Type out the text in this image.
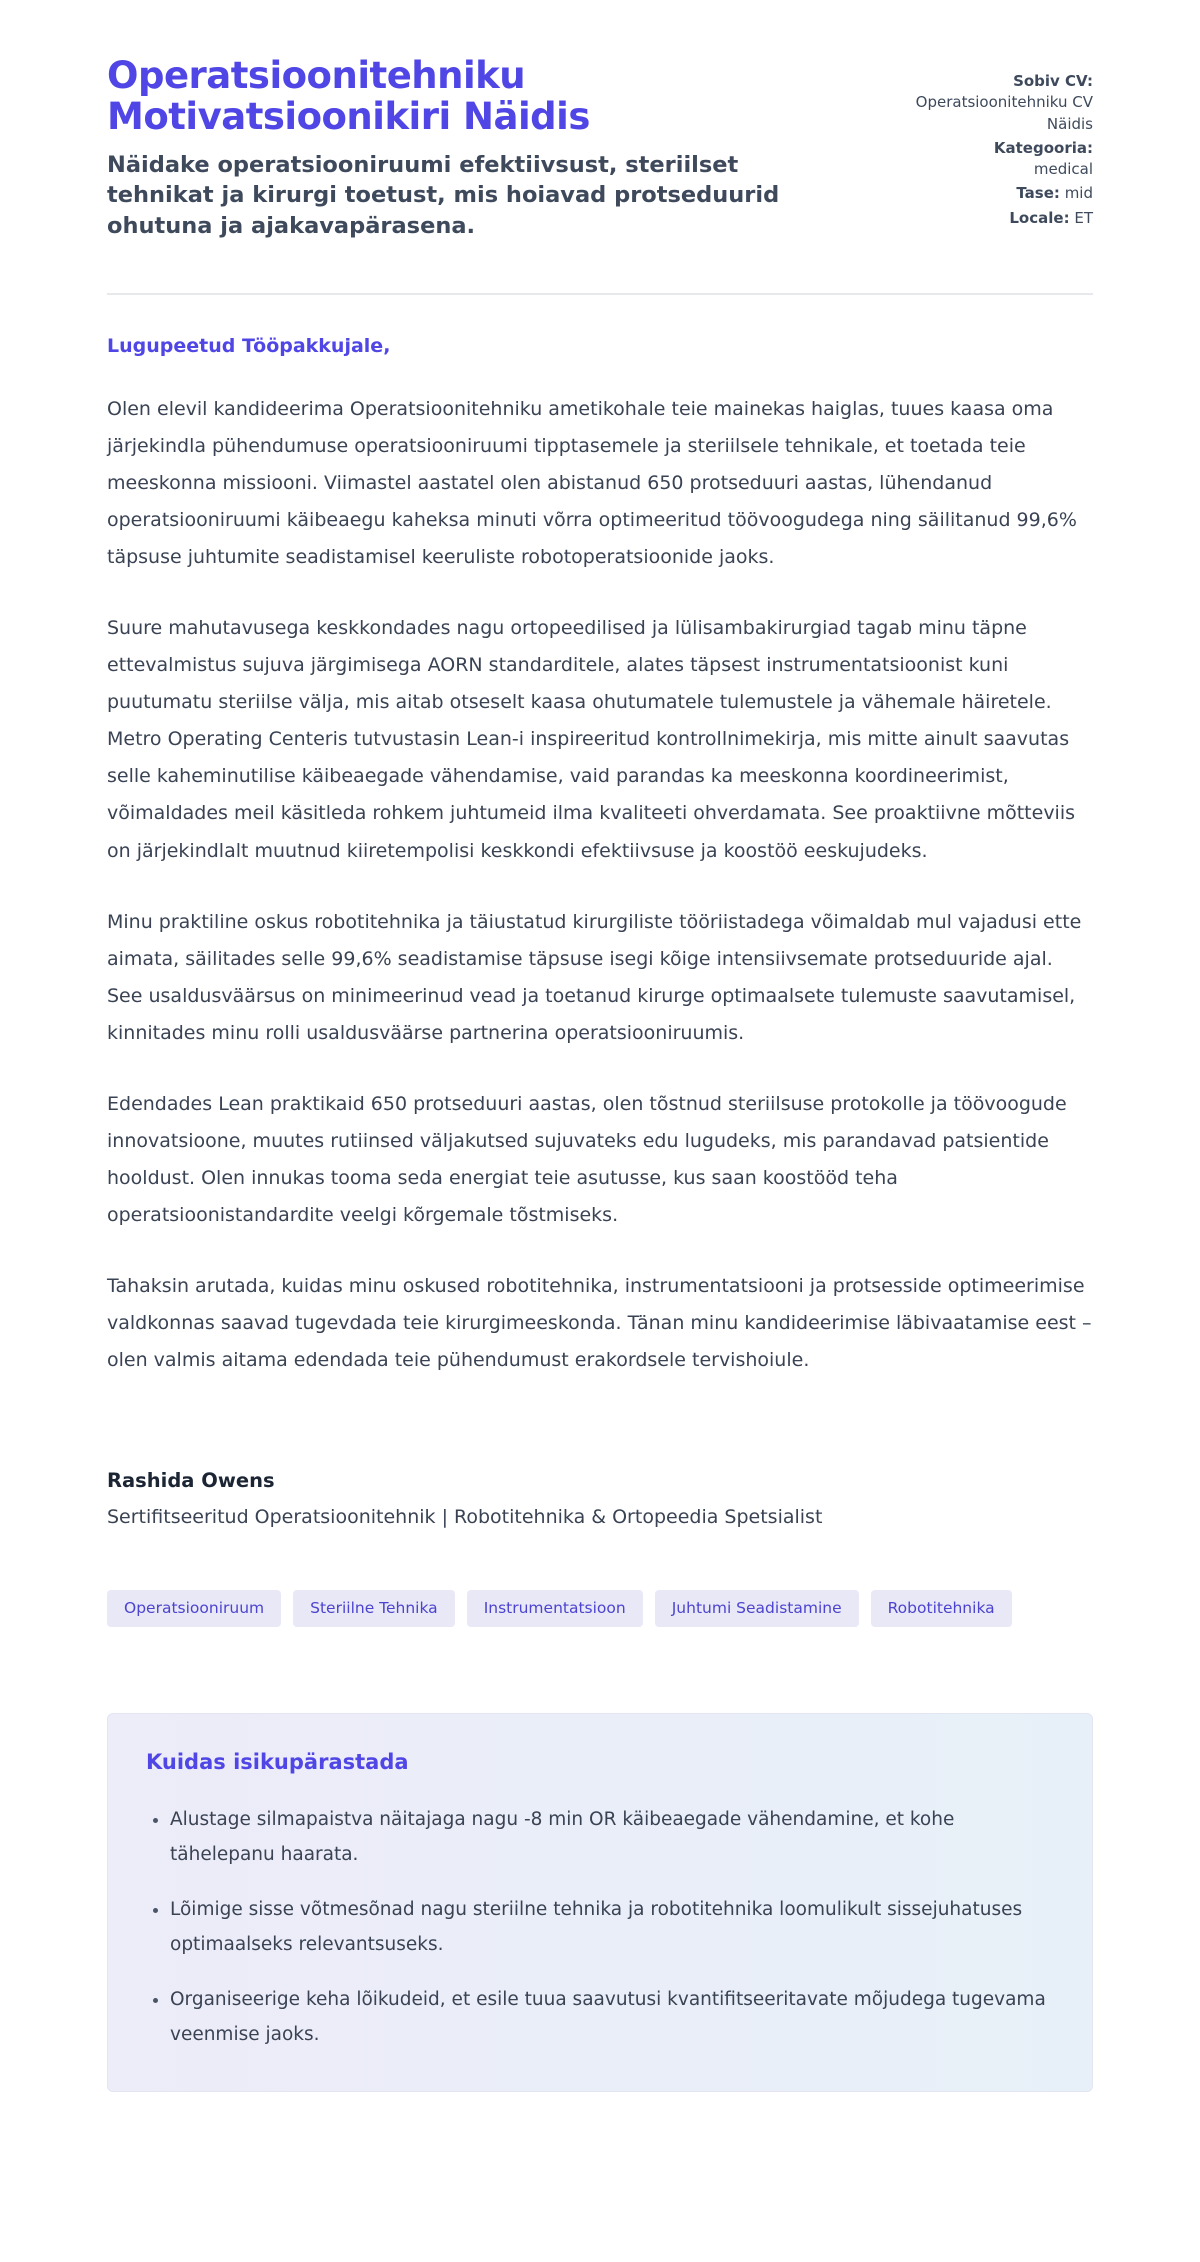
Operatsioonitehniku Motivatsioonikiri Näidis

Näidake operatsiooniruumi efektiivsust, steriilset tehnikat ja kirurgi toetust, mis hoiavad protseduurid ohutuna ja ajakavapärasena.

Sobiv CV:
Operatsioonitehniku CV Näidis
Kategooria:
medical
Tase: mid
Locale: ET

Lugupeetud Tööpakkujale,

Olen elevil kandideerima Operatsioonitehniku ametikohale teie mainekas haiglas, tuues kaasa oma järjekindla pühendumuse operatsiooniruumi tipptasemele ja steriilsele tehnikale, et toetada teie meeskonna missiooni. Viimastel aastatel olen abistanud 650 protseduuri aastas, lühendanud operatsiooniruumi käibeaegu kaheksa minuti võrra optimeeritud töövoogudega ning säilitanud 99,6% täpsuse juhtumite seadistamisel keeruliste robotoperatsioonide jaoks.

Suure mahutavusega keskkondades nagu ortopeedilised ja lülisambakirurgiad tagab minu täpne ettevalmistus sujuva järgimisega AORN standarditele, alates täpsest instrumentatsioonist kuni puutumatu steriilse välja, mis aitab otseselt kaasa ohutumatele tulemustele ja vähemale häiretele. Metro Operating Centeris tutvustasin Lean-i inspireeritud kontrollnimekirja, mis mitte ainult saavutas selle kaheminutilise käibeaegade vähendamise, vaid parandas ka meeskonna koordineerimist, võimaldades meil käsitleda rohkem juhtumeid ilma kvaliteeti ohverdamata. See proaktiivne mõtteviis on järjekindlalt muutnud kiiretempolisi keskkondi efektiivsuse ja koostöö eeskujudeks.

Minu praktiline oskus robotitehnika ja täiustatud kirurgiliste tööriistadega võimaldab mul vajadusi ette aimata, säilitades selle 99,6% seadistamise täpsuse isegi kõige intensiivsemate protseduuride ajal. See usaldusväärsus on minimeerinud vead ja toetanud kirurge optimaalsete tulemuste saavutamisel, kinnitades minu rolli usaldusväärse partnerina operatsiooniruumis.

Edendades Lean praktikaid 650 protseduuri aastas, olen tõstnud steriilsuse protokolle ja töövoogude innovatsioone, muutes rutiinsed väljakutsed sujuvateks edu lugudeks, mis parandavad patsientide hooldust. Olen innukas tooma seda energiat teie asutusse, kus saan koostööd teha operatsioonistandardite veelgi kõrgemale tõstmiseks.

Tahaksin arutada, kuidas minu oskused robotitehnika, instrumentatsiooni ja protsesside optimeerimise valdkonnas saavad tugevdada teie kirurgimeeskonda. Tänan minu kandideerimise läbivaatamise eest – olen valmis aitama edendada teie pühendumust erakordsele tervishoiule.

Rashida Owens

Sertifitseeritud Operatsioonitehnik | Robotitehnika & Ortopeedia Spetsialist

Operatsiooniruum	Steriilne Tehnika	Instrumentatsioon	Juhtumi Seadistamine	Robotitehnika
Kuidas isikupärastada
• Alustage silmapaistva näitajaga nagu -8 min OR käibeaegade vähendamine, et kohe tähelepanu haarata.
• Lõimige sisse võtmesõnad nagu steriilne tehnika ja robotitehnika loomulikult sissejuhatuses optimaalseks relevantsuseks.
• Organiseerige keha lõikudeid, et esile tuua saavutusi kvantifitseeritavate mõjudega tugevama veenmise jaoks.
